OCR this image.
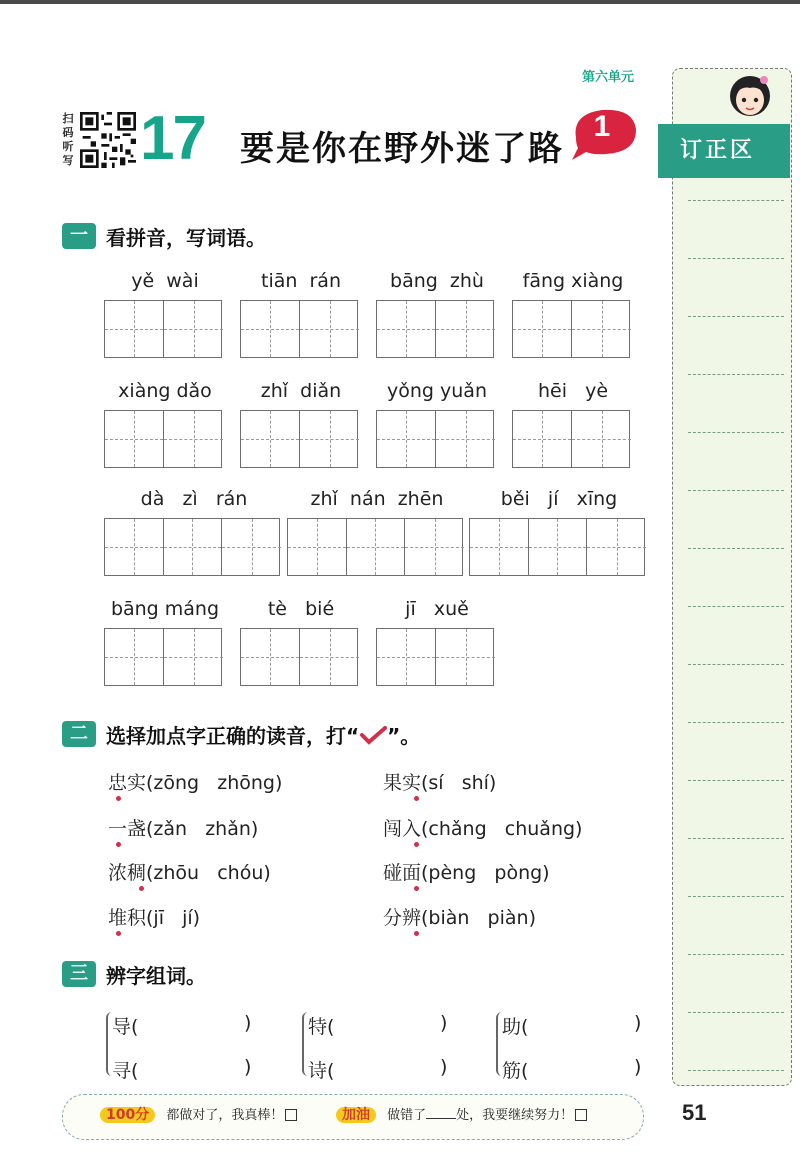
订正区
第六单元
扫码听写 17 要是你在野外迷了路
1
一 看拼音，写词语。
yě  wài	tiān  rán	bāng  zhù	fāng xiàng
xiàng dǎo	zhǐ  diǎn	yǒng yuǎn	hēi   yè
dà   zì   rán	zhǐ  nán  zhēn	běi   jí   xīng
bāng máng	tè   bié	jī   xuě
二 选择加点字正确的读音，打“ ”。
忠实(zōng   zhōng)	果实(sí   shí)
一盏(zǎn   zhǎn)	闯入(chǎng   chuǎng)
浓稠(zhōu   chóu)	碰面(pèng   pòng)
堆积(jī   jí)	分辨(biàn   piàn)
三 辨字组词。
导(	)
寻(	)
特(	)
诗(	)
助(	)
筋(	)
100分 都做对了，我真棒！	加油 做错了 处，我要继续努力！	51
